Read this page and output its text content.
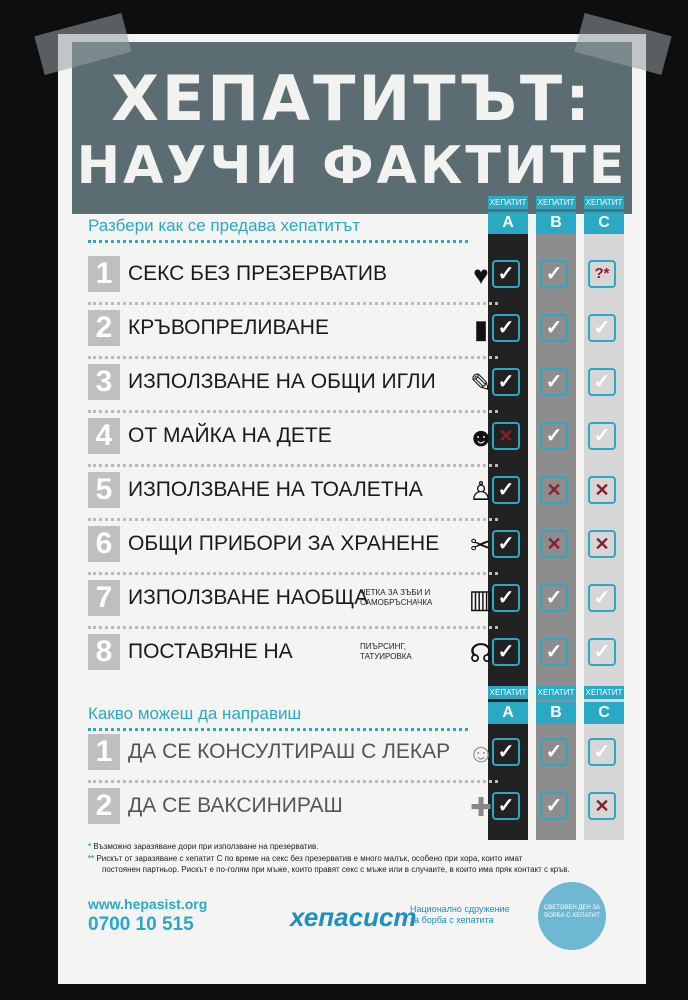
ХЕПАТИТЪТ:
НАУЧИ ФАКТИТЕ
Разбери как се предава хепатитът
ХЕПАТИТ
A
ХЕПАТИТ
B
ХЕПАТИТ
C
1 СЕКС БЕЗ ПРЕЗЕРВАТИВ	♥ ✓ ✓	?*
2 КРЪВОПРЕЛИВАНЕ	▮ ✓ ✓ ✓
3 ИЗПОЛЗВАНЕ НА ОБЩИ ИГЛИ ✎ ✓ ✓ ✓
4 ОТ МАЙКА НА ДЕТЕ	☻ ✕	✓ ✓
5 ИЗПОЛЗВАНЕ НА ТОАЛЕТНА ♙ ✓	✕	✕
6 ОБЩИ ПРИБОРИ ЗА ХРАНЕНЕ ✂ ✓	✕	✕
7 ИЗПОЛЗВАНЕ НАОБЩА
ЧЕТКА ЗА ЗЪБИ И
САМОБРЪСНАЧКА ▥ ✓ ✓ ✓
8 ПОСТАВЯНЕ НА	ПИЪРСИНГ,
ТАТУИРОВКА ☊ ✓ ✓ ✓
Какво можеш да направиш
ХЕПАТИТ
A
ХЕПАТИТ
B
ХЕПАТИТ
C
1 ДА СЕ КОНСУЛТИРАШ С ЛЕКАР ☺ ✓ ✓ ✓
2 ДА СЕ ВАКСИНИРАШ	✚ ✓ ✓	✕
* Възможно заразяване дори при използване на презерватив.
** Рискът от заразяване с хепатит С по време на секс без презерватив е много малък, особено при хора, които имат
постоянен партньор. Рискът е по-голям при мъже, които правят секс с мъже или в случаите, в които има пряк контакт с кръв.
www.hepasist.org
0700 10 515	хепасист
Национално сдружение
за борба с хепатита
СВЕТОВЕН ДЕН ЗА
БОРБА С ХЕПАТИТ
